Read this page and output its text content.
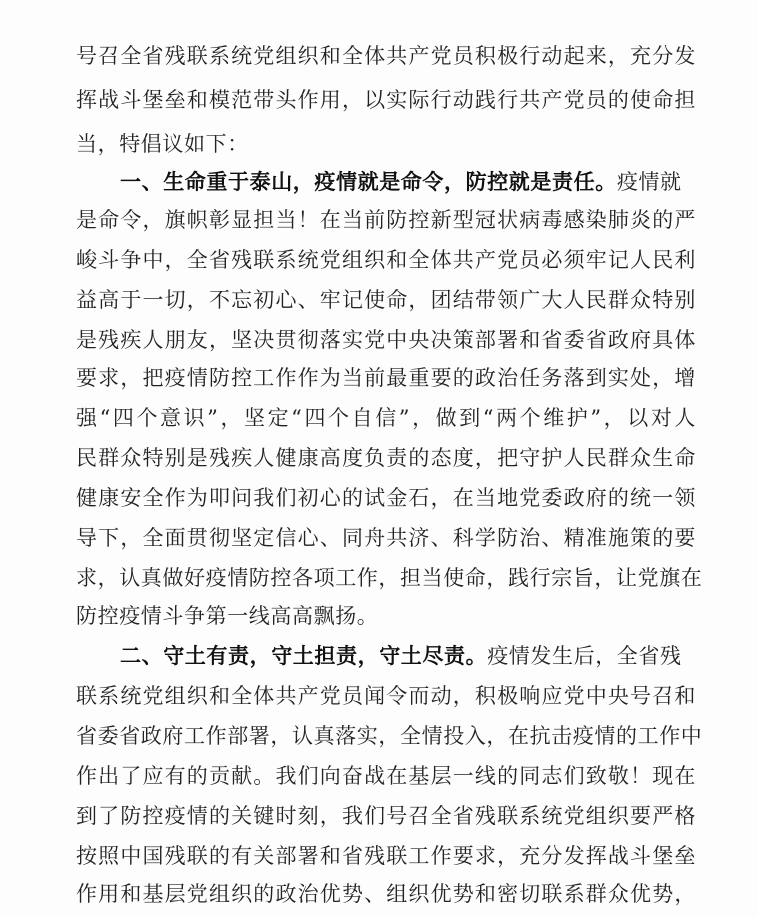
号召全省残联系统党组织和全体共产党员积极行动起来，充分发
挥战斗堡垒和模范带头作用，以实际行动践行共产党员的使命担
当，特倡议如下：
一、生命重于泰山，疫情就是命令，防控就是责任。疫情就
是命令，旗帜彰显担当！在当前防控新型冠状病毒感染肺炎的严
峻斗争中，全省残联系统党组织和全体共产党员必须牢记人民利
益高于一切，不忘初心、牢记使命，团结带领广大人民群众特别
是残疾人朋友，坚决贯彻落实党中央决策部署和省委省政府具体
要求，把疫情防控工作作为当前最重要的政治任务落到实处，增
强“四个意识”，坚定“四个自信”，做到“两个维护”，以对人
民群众特别是残疾人健康高度负责的态度，把守护人民群众生命
健康安全作为叩问我们初心的试金石，在当地党委政府的统一领
导下，全面贯彻坚定信心、同舟共济、科学防治、精准施策的要
求，认真做好疫情防控各项工作，担当使命，践行宗旨，让党旗在
防控疫情斗争第一线高高飘扬。
二、守土有责，守土担责，守土尽责。疫情发生后，全省残
联系统党组织和全体共产党员闻令而动，积极响应党中央号召和
省委省政府工作部署，认真落实，全情投入，在抗击疫情的工作中
作出了应有的贡献。我们向奋战在基层一线的同志们致敬！现在
到了防控疫情的关键时刻，我们号召全省残联系统党组织要严格
按照中国残联的有关部署和省残联工作要求，充分发挥战斗堡垒
作用和基层党组织的政治优势、组织优势和密切联系群众优势，
